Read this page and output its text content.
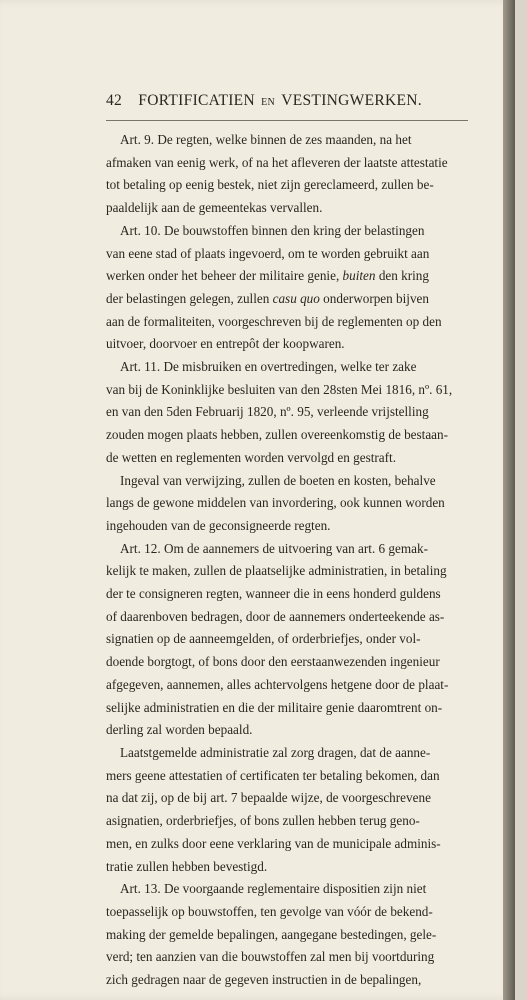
42 FORTIFICATIEN EN VESTINGWERKEN.
Art. 9. De regten, welke binnen de zes maanden, na het
afmaken van eenig werk, of na het afleveren der laatste attestatie
tot betaling op eenig bestek, niet zijn gereclameerd, zullen be-
paaldelijk aan de gemeentekas vervallen.
Art. 10. De bouwstoffen binnen den kring der belastingen
van eene stad of plaats ingevoerd, om te worden gebruikt aan
werken onder het beheer der militaire genie, buiten den kring
der belastingen gelegen, zullen casu quo onderworpen bijven
aan de formaliteiten, voorgeschreven bij de reglementen op den
uitvoer, doorvoer en entrepôt der koopwaren.
Art. 11. De misbruiken en overtredingen, welke ter zake
van bij de Koninklijke besluiten van den 28sten Mei 1816, nº. 61,
en van den 5den Februarij 1820, nº. 95, verleende vrijstelling
zouden mogen plaats hebben, zullen overeenkomstig de bestaan-
de wetten en reglementen worden vervolgd en gestraft.
Ingeval van verwijzing, zullen de boeten en kosten, behalve
langs de gewone middelen van invordering, ook kunnen worden
ingehouden van de geconsigneerde regten.
Art. 12. Om de aannemers de uitvoering van art. 6 gemak-
kelijk te maken, zullen de plaatselijke administratien, in betaling
der te consigneren regten, wanneer die in eens honderd guldens
of daarenboven bedragen, door de aannemers onderteekende as-
signatien op de aanneemgelden, of orderbriefjes, onder vol-
doende borgtogt, of bons door den eerstaanwezenden ingenieur
afgegeven, aannemen, alles achtervolgens hetgene door de plaat-
selijke administratien en die der militaire genie daaromtrent on-
derling zal worden bepaald.
Laatstgemelde administratie zal zorg dragen, dat de aanne-
mers geene attestatien of certificaten ter betaling bekomen, dan
na dat zij, op de bij art. 7 bepaalde wijze, de voorgeschrevene
asignatien, orderbriefjes, of bons zullen hebben terug geno-
men, en zulks door eene verklaring van de municipale adminis-
tratie zullen hebben bevestigd.
Art. 13. De voorgaande reglementaire dispositien zijn niet
toepasselijk op bouwstoffen, ten gevolge van vóór de bekend-
making der gemelde bepalingen, aangegane bestedingen, gele-
verd; ten aanzien van die bouwstoffen zal men bij voortduring
zich gedragen naar de gegeven instructien in de bepalingen,
